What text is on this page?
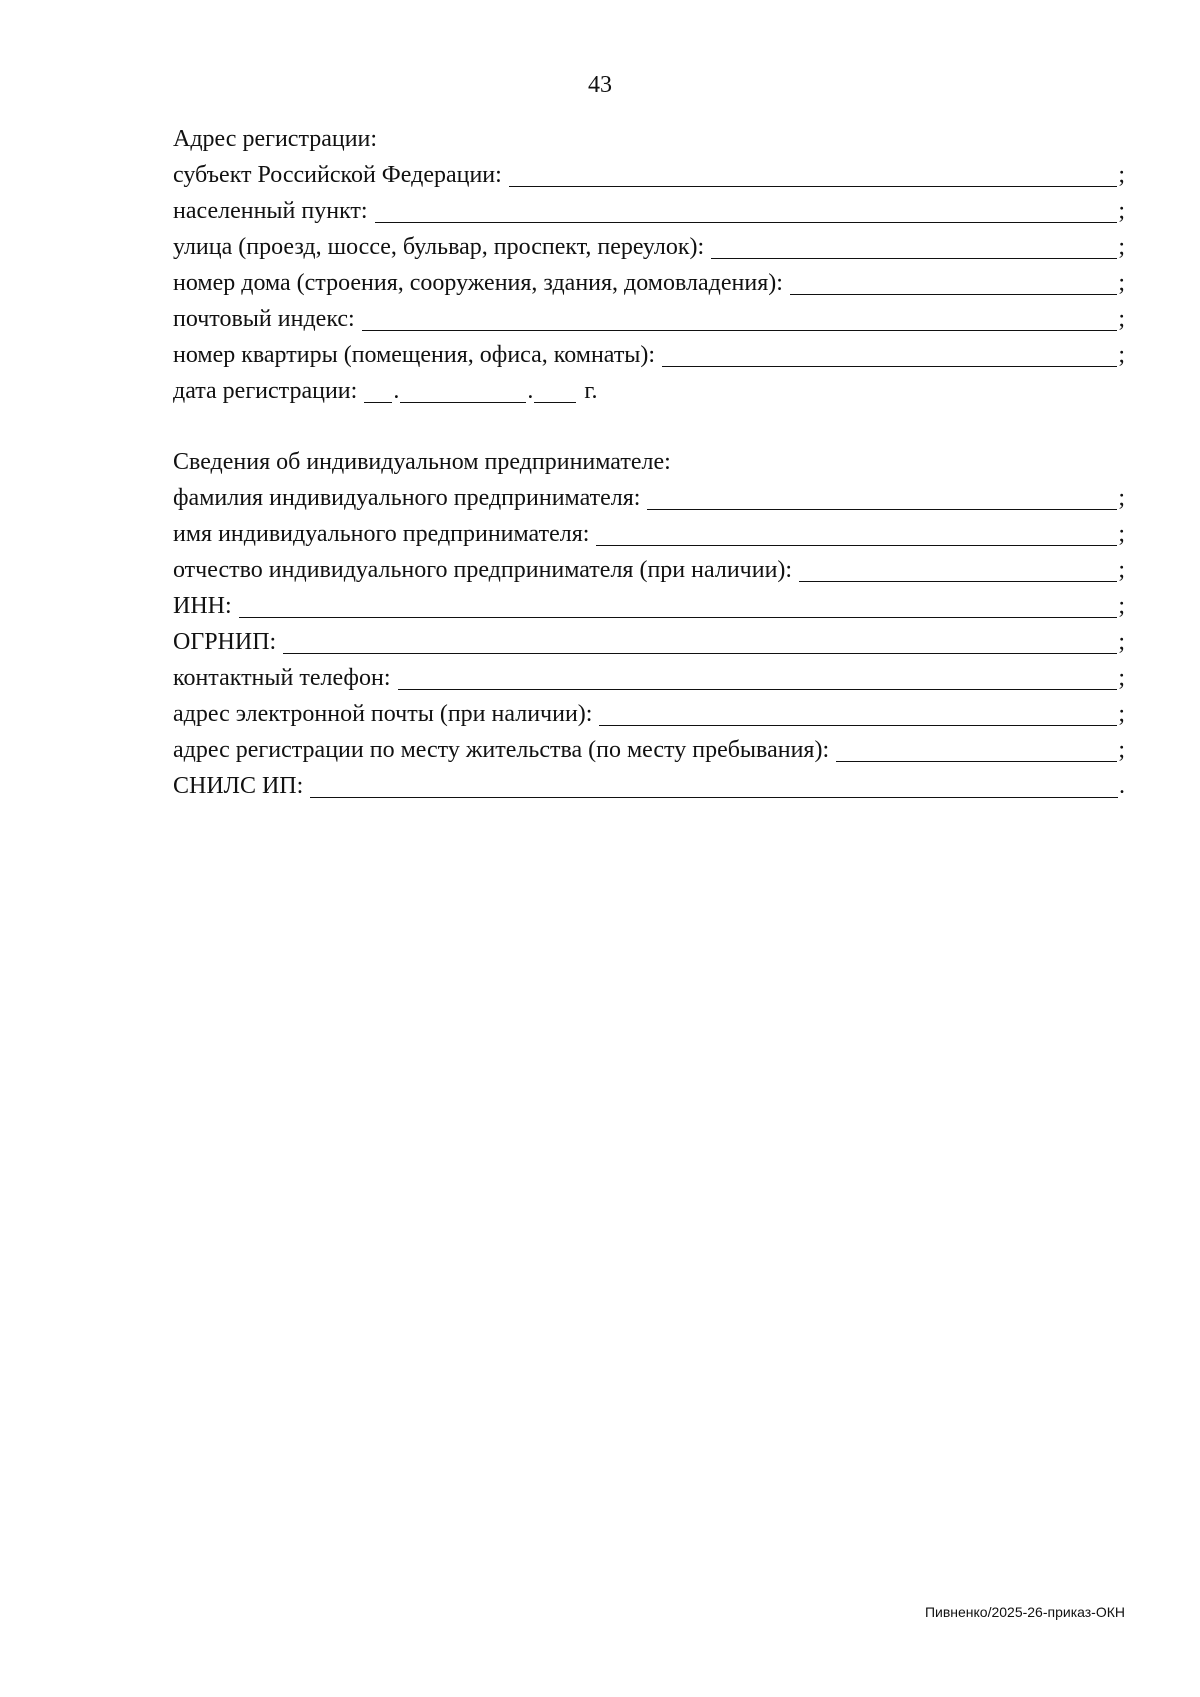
43
Адрес регистрации:
субъект Российской Федерации:	;
населенный пункт:	;
улица (проезд, шоссе, бульвар, проспект, переулок):	;
номер дома (строения, сооружения, здания, домовладения):	;
почтовый индекс:	;
номер квартиры (помещения, офиса, комнаты):	;
дата регистрации: .	. г.
Сведения об индивидуальном предпринимателе:
фамилия индивидуального предпринимателя:	;
имя индивидуального предпринимателя:	;
отчество индивидуального предпринимателя (при наличии):	;
ИНН:	;
ОГРНИП:	;
контактный телефон:	;
адрес электронной почты (при наличии):	;
адрес регистрации по месту жительства (по месту пребывания):	;
СНИЛС ИП:	.
Пивненко/2025-26-приказ-ОКН
